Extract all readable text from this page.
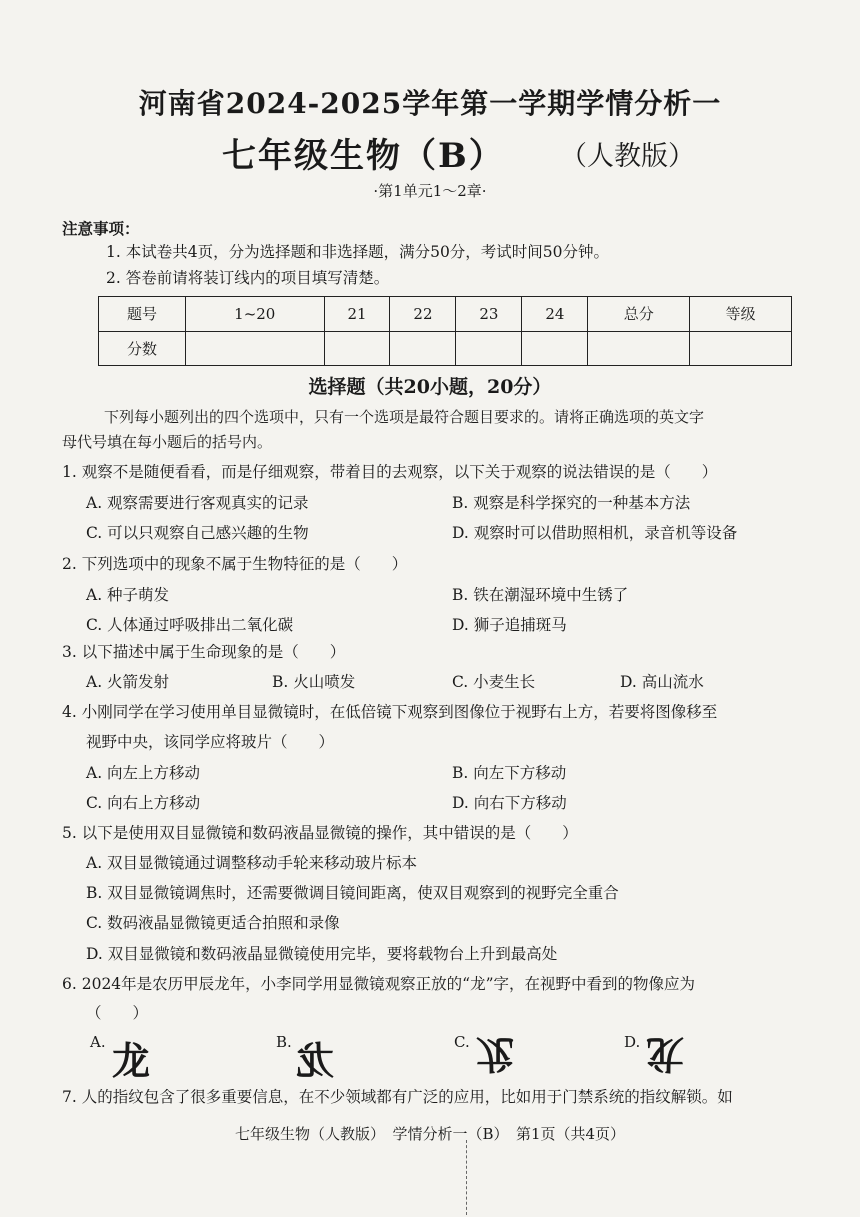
河南省2024-2025学年第一学期学情分析一
七年级生物（B） （人教版）
·第1单元1～2章·
注意事项：
1. 本试卷共4页，分为选择题和非选择题，满分50分，考试时间50分钟。
2. 答卷前请将装订线内的项目填写清楚。
题号	1~20	21	22	23	24	总分	等级
分数							
选择题（共20小题，20分）
下列每小题列出的四个选项中，只有一个选项是最符合题目要求的。请将正确选项的英文字
母代号填在每小题后的括号内。
1. 观察不是随便看看，而是仔细观察，带着目的去观察，以下关于观察的说法错误的是（　　）
A. 观察需要进行客观真实的记录	B. 观察是科学探究的一种基本方法
C. 可以只观察自己感兴趣的生物	D. 观察时可以借助照相机，录音机等设备
2. 下列选项中的现象不属于生物特征的是（　　）
A. 种子萌发	B. 铁在潮湿环境中生锈了
C. 人体通过呼吸排出二氧化碳	D. 狮子追捕斑马
3. 以下描述中属于生命现象的是（　　）
A. 火箭发射	B. 火山喷发	C. 小麦生长	D. 高山流水
4. 小刚同学在学习使用单目显微镜时，在低倍镜下观察到图像位于视野右上方，若要将图像移至
视野中央，该同学应将玻片（　　）
A. 向左上方移动	B. 向左下方移动
C. 向右上方移动	D. 向右下方移动
5. 以下是使用双目显微镜和数码液晶显微镜的操作，其中错误的是（　　）
A. 双目显微镜通过调整移动手轮来移动玻片标本
B. 双目显微镜调焦时，还需要微调目镜间距离，使双目观察到的视野完全重合
C. 数码液晶显微镜更适合拍照和录像
D. 双目显微镜和数码液晶显微镜使用完毕，要将载物台上升到最高处
6. 2024年是农历甲辰龙年，小李同学用显微镜观察正放的“龙”字，在视野中看到的物像应为
（　　）
A. 龙	B. 龙	C. 龙	D. 龙
7. 人的指纹包含了很多重要信息，在不少领域都有广泛的应用，比如用于门禁系统的指纹解锁。如
七年级生物（人教版）　学情分析一（B）　第1页（共4页）
